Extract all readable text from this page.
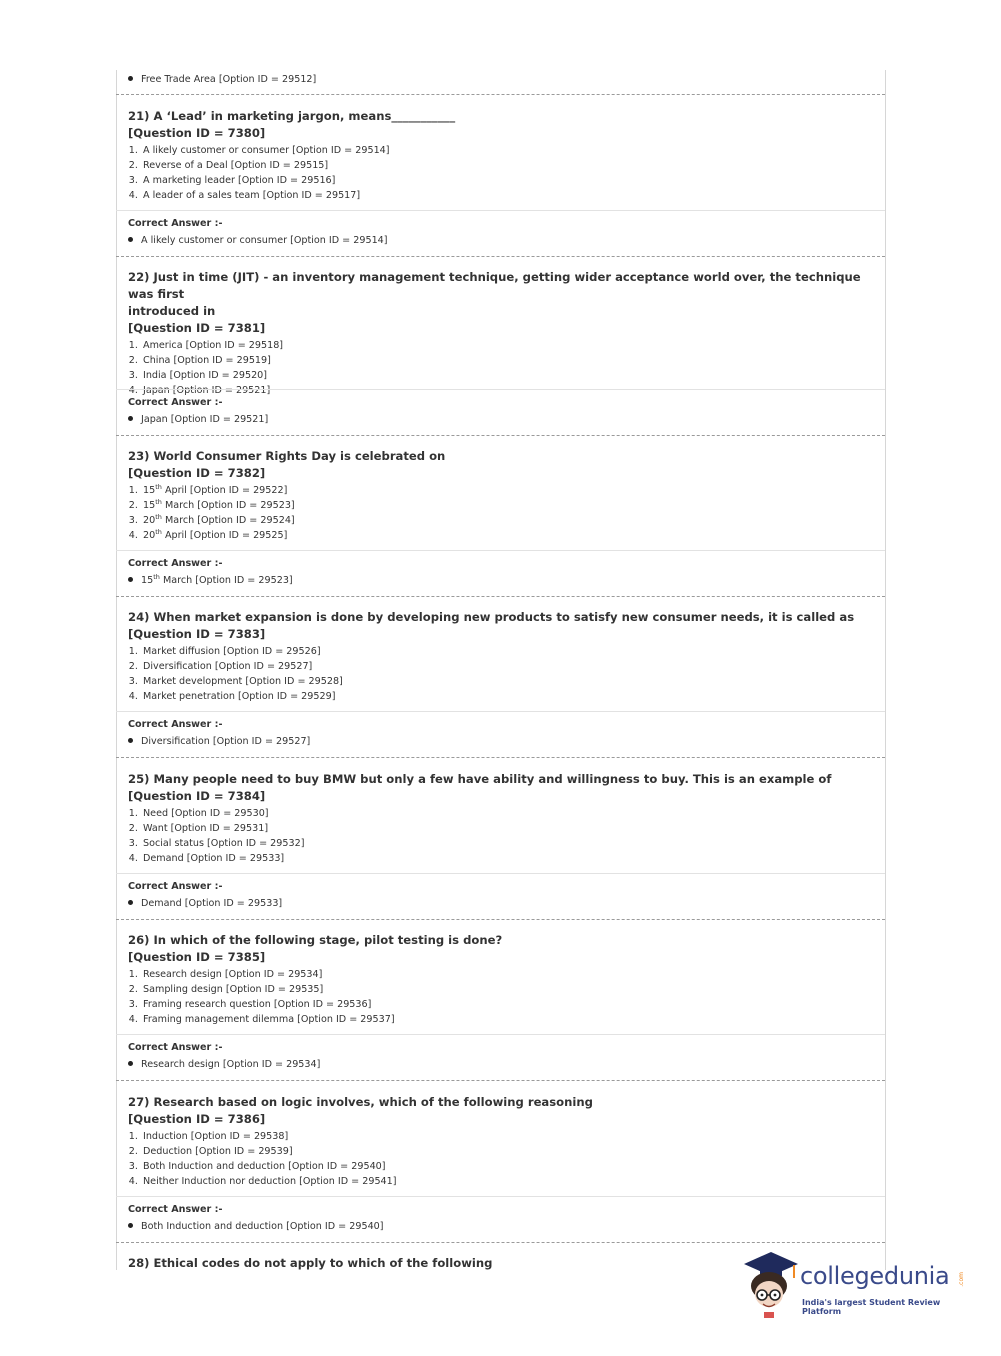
Free Trade Area [Option ID = 29512]
21) A ‘Lead’ in marketing jargon, means___________
[Question ID = 7380]
1. A likely customer or consumer [Option ID = 29514]
2. Reverse of a Deal [Option ID = 29515]
3. A marketing leader [Option ID = 29516]
4. A leader of a sales team [Option ID = 29517]
Correct Answer :-
A likely customer or consumer [Option ID = 29514]
22) Just in time (JIT) - an inventory management technique, getting wider acceptance world over, the technique was first
introduced in
[Question ID = 7381]
1. America [Option ID = 29518]
2. China [Option ID = 29519]
3. India [Option ID = 29520]
4. Japan [Option ID = 29521]
Correct Answer :-
Japan [Option ID = 29521]
23) World Consumer Rights Day is celebrated on
[Question ID = 7382]
1. 15th April [Option ID = 29522]
2. 15th March [Option ID = 29523]
3. 20th March [Option ID = 29524]
4. 20th April [Option ID = 29525]
Correct Answer :-
15th March [Option ID = 29523]
24) When market expansion is done by developing new products to satisfy new consumer needs, it is called as
[Question ID = 7383]
1. Market diffusion [Option ID = 29526]
2. Diversification [Option ID = 29527]
3. Market development [Option ID = 29528]
4. Market penetration [Option ID = 29529]
Correct Answer :-
Diversification [Option ID = 29527]
25) Many people need to buy BMW but only a few have ability and willingness to buy. This is an example of
[Question ID = 7384]
1. Need [Option ID = 29530]
2. Want [Option ID = 29531]
3. Social status [Option ID = 29532]
4. Demand [Option ID = 29533]
Correct Answer :-
Demand [Option ID = 29533]
26) In which of the following stage, pilot testing is done?
[Question ID = 7385]
1. Research design [Option ID = 29534]
2. Sampling design [Option ID = 29535]
3. Framing research question [Option ID = 29536]
4. Framing management dilemma [Option ID = 29537]
Correct Answer :-
Research design [Option ID = 29534]
27) Research based on logic involves, which of the following reasoning
[Question ID = 7386]
1. Induction [Option ID = 29538]
2. Deduction [Option ID = 29539]
3. Both Induction and deduction [Option ID = 29540]
4. Neither Induction nor deduction [Option ID = 29541]
Correct Answer :-
Both Induction and deduction [Option ID = 29540]
28) Ethical codes do not apply to which of the following	collegedunia .com
India's largest Student Review Platform
